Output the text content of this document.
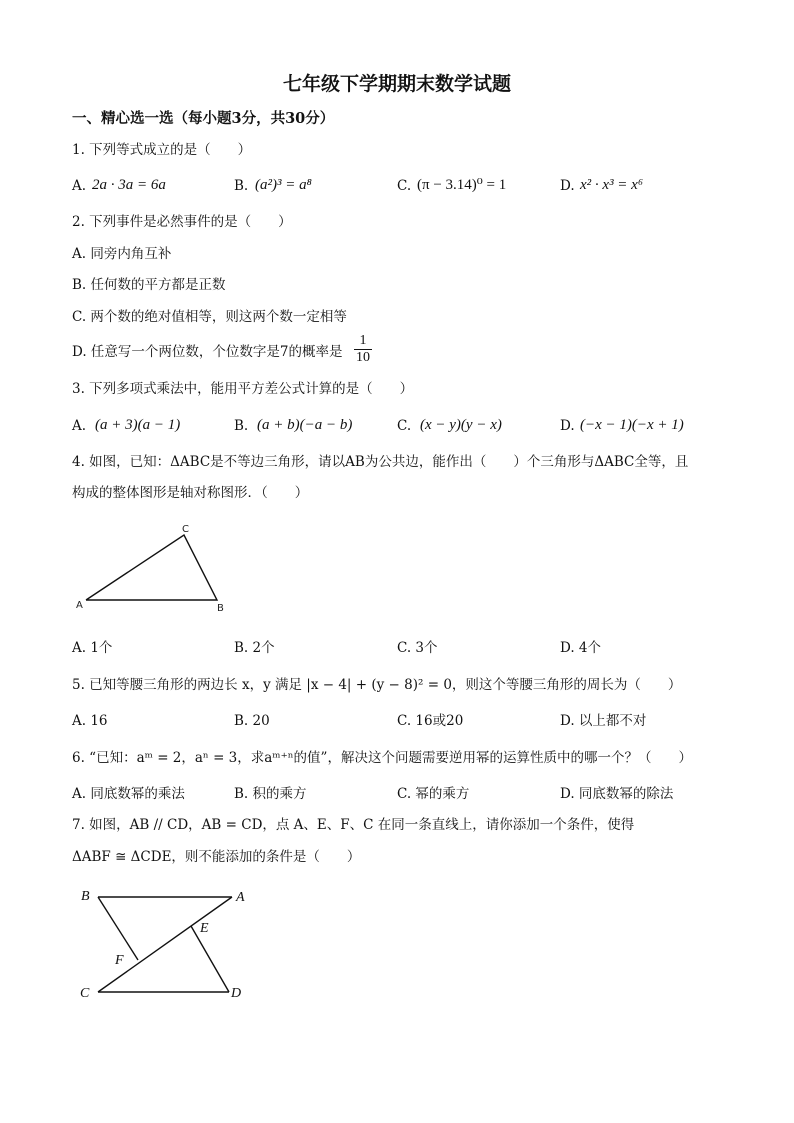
七年级下学期期末数学试题
一、精心选一选（每小题3分，共30分）
1. 下列等式成立的是（　　）
A. 2a · 3a = 6a	B. (a²)³ = a⁸	C. (π − 3.14)⁰ = 1	D. x² · x³ = x⁶
2. 下列事件是必然事件的是（　　）
A. 同旁内角互补
B. 任何数的平方都是正数
C. 两个数的绝对值相等，则这两个数一定相等
D. 任意写一个两位数，个位数字是7的概率是 $\frac{1}{10}$
3. 下列多项式乘法中，能用平方差公式计算的是（　　）
A. (a + 3)(a − 1)	B. (a + b)(−a − b)	C. (x − y)(y − x)	D. (−x − 1)(−x + 1)
4. 如图，已知：ΔABC是不等边三角形，请以AB为公共边，能作出（　　）个三角形与ΔABC全等，且
构成的整体图形是轴对称图形．（　　）
A	B
C
A. 1个	B. 2个	C. 3个	D. 4个
5. 已知等腰三角形的两边长 x，y 满足 |x − 4| + (y − 8)² = 0，则这个等腰三角形的周长为（　　）
A. 16	B. 20	C. 16或20	D. 以上都不对
6. “已知：aᵐ = 2，aⁿ = 3，求aᵐ⁺ⁿ的值”，解决这个问题需要逆用幂的运算性质中的哪一个？（　　）
A. 同底数幂的乘法	B. 积的乘方	C. 幂的乘方	D. 同底数幂的除法
7. 如图，AB // CD，AB = CD，点 A、E、F、C 在同一条直线上，请你添加一个条件，使得
ΔABF ≅ ΔCDE，则不能添加的条件是（　　）
B	A
E
F
C	D
